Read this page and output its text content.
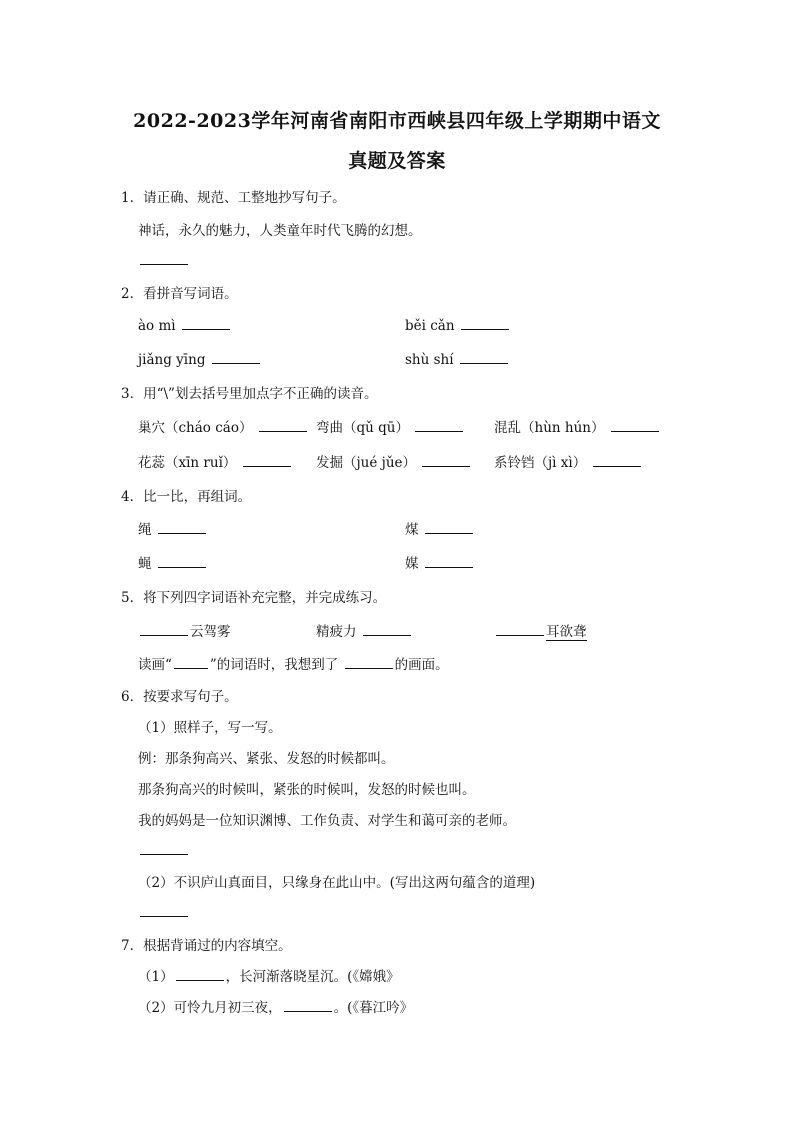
2022-2023学年河南省南阳市西峡县四年级上学期期中语文
真题及答案
1．请正确、规范、工整地抄写句子。
神话，永久的魅力，人类童年时代飞腾的幻想。
2．看拼音写词语。
ào mì	běi cǎn
jiǎng yīng	shù shí
3．用“\”划去括号里加点字不正确的读音。
巢穴（cháo cáo）	弯曲（qǔ qū）	混乱（hùn hún）
花蕊（xīn ruǐ）	发掘（jué jǔe）	系铃铛（jì xì）
4．比一比，再组词。
绳	煤
蝇	媒
5．将下列四字词语补充完整，并完成练习。
云驾雾	精疲力	耳欲聋
读画“	”的词语时，我想到了	的画面。
6．按要求写句子。
（1）照样子，写一写。
例：那条狗高兴、紧张、发怒的时候都叫。
那条狗高兴的时候叫，紧张的时候叫，发怒的时候也叫。
我的妈妈是一位知识渊博、工作负责、对学生和蔼可亲的老师。
（2）不识庐山真面目，只缘身在此山中。(写出这两句蕴含的道理)
7．根据背诵过的内容填空。
（1）	，长河渐落晓星沉。(《嫦娥》
（2）可怜九月初三夜，	。(《暮江吟》
